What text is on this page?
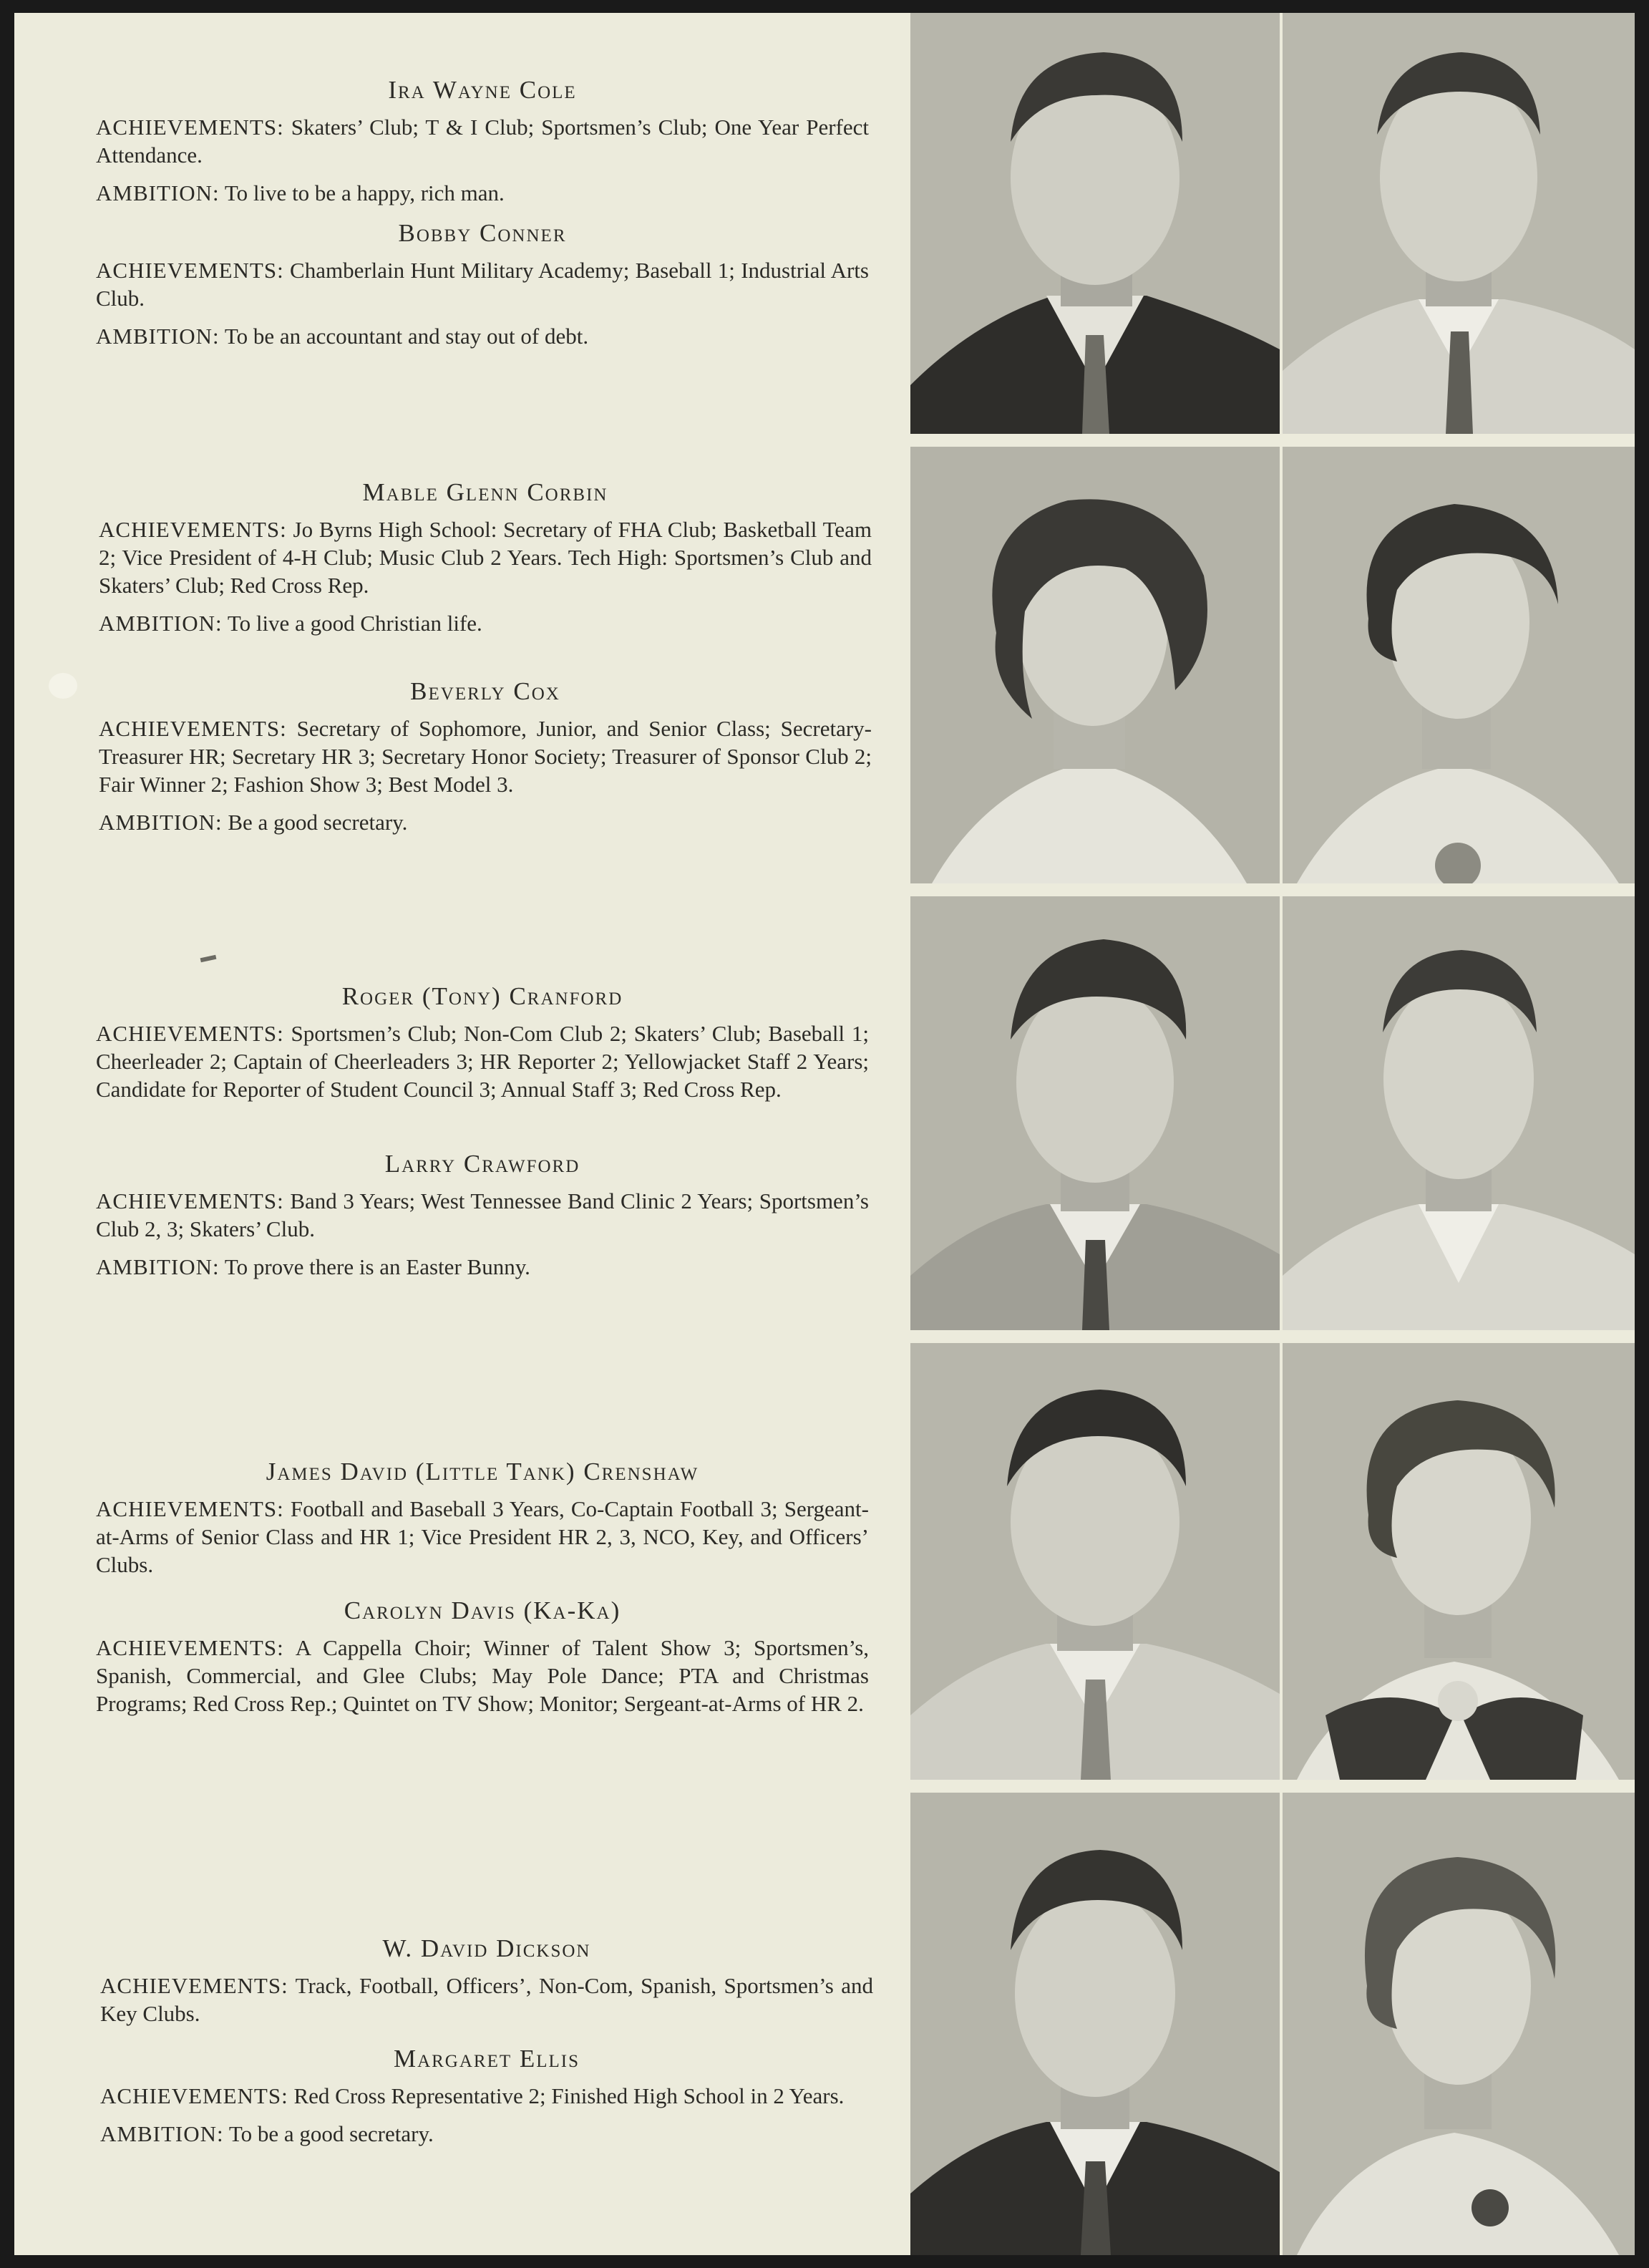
Ira Wayne Cole
ACHIEVEMENTS: Skaters’ Club; T & I Club; Sportsmen’s Club; One Year Perfect Attendance.
AMBITION: To live to be a happy, rich man.
Bobby Conner
ACHIEVEMENTS: Chamberlain Hunt Military Academy; Baseball 1; Industrial Arts Club.
AMBITION: To be an accountant and stay out of debt.
Mable Glenn Corbin
ACHIEVEMENTS: Jo Byrns High School: Secretary of FHA Club; Basketball Team 2; Vice President of 4-H Club; Music Club 2 Years. Tech High: Sportsmen’s Club and Skaters’ Club; Red Cross Rep.
AMBITION: To live a good Christian life.
Beverly Cox
ACHIEVEMENTS: Secretary of Sophomore, Junior, and Senior Class; Secretary-Treasurer HR; Secretary HR 3; Secretary Honor Society; Treasurer of Sponsor Club 2; Fair Winner 2; Fashion Show 3; Best Model 3.
AMBITION: Be a good secretary.
Roger (Tony) Cranford
ACHIEVEMENTS: Sportsmen’s Club; Non-Com Club 2; Skaters’ Club; Baseball 1; Cheerleader 2; Captain of Cheerleaders 3; HR Reporter 2; Yellowjacket Staff 2 Years; Candidate for Reporter of Student Council 3; Annual Staff 3; Red Cross Rep.
Larry Crawford
ACHIEVEMENTS: Band 3 Years; West Tennessee Band Clinic 2 Years; Sportsmen’s Club 2, 3; Skaters’ Club.
AMBITION: To prove there is an Easter Bunny.
James David (Little Tank) Crenshaw
ACHIEVEMENTS: Football and Baseball 3 Years, Co-Captain Football 3; Sergeant-at-Arms of Senior Class and HR 1; Vice President HR 2, 3, NCO, Key, and Officers’ Clubs.
Carolyn Davis (Ka-Ka)
ACHIEVEMENTS: A Cappella Choir; Winner of Talent Show 3; Sportsmen’s, Spanish, Commercial, and Glee Clubs; May Pole Dance; PTA and Christmas Programs; Red Cross Rep.; Quintet on TV Show; Monitor; Sergeant-at-Arms of HR 2.
W. David Dickson
ACHIEVEMENTS: Track, Football, Officers’, Non-Com, Spanish, Sportsmen’s and Key Clubs.
Margaret Ellis
ACHIEVEMENTS: Red Cross Representative 2; Finished High School in 2 Years.
AMBITION: To be a good secretary.
